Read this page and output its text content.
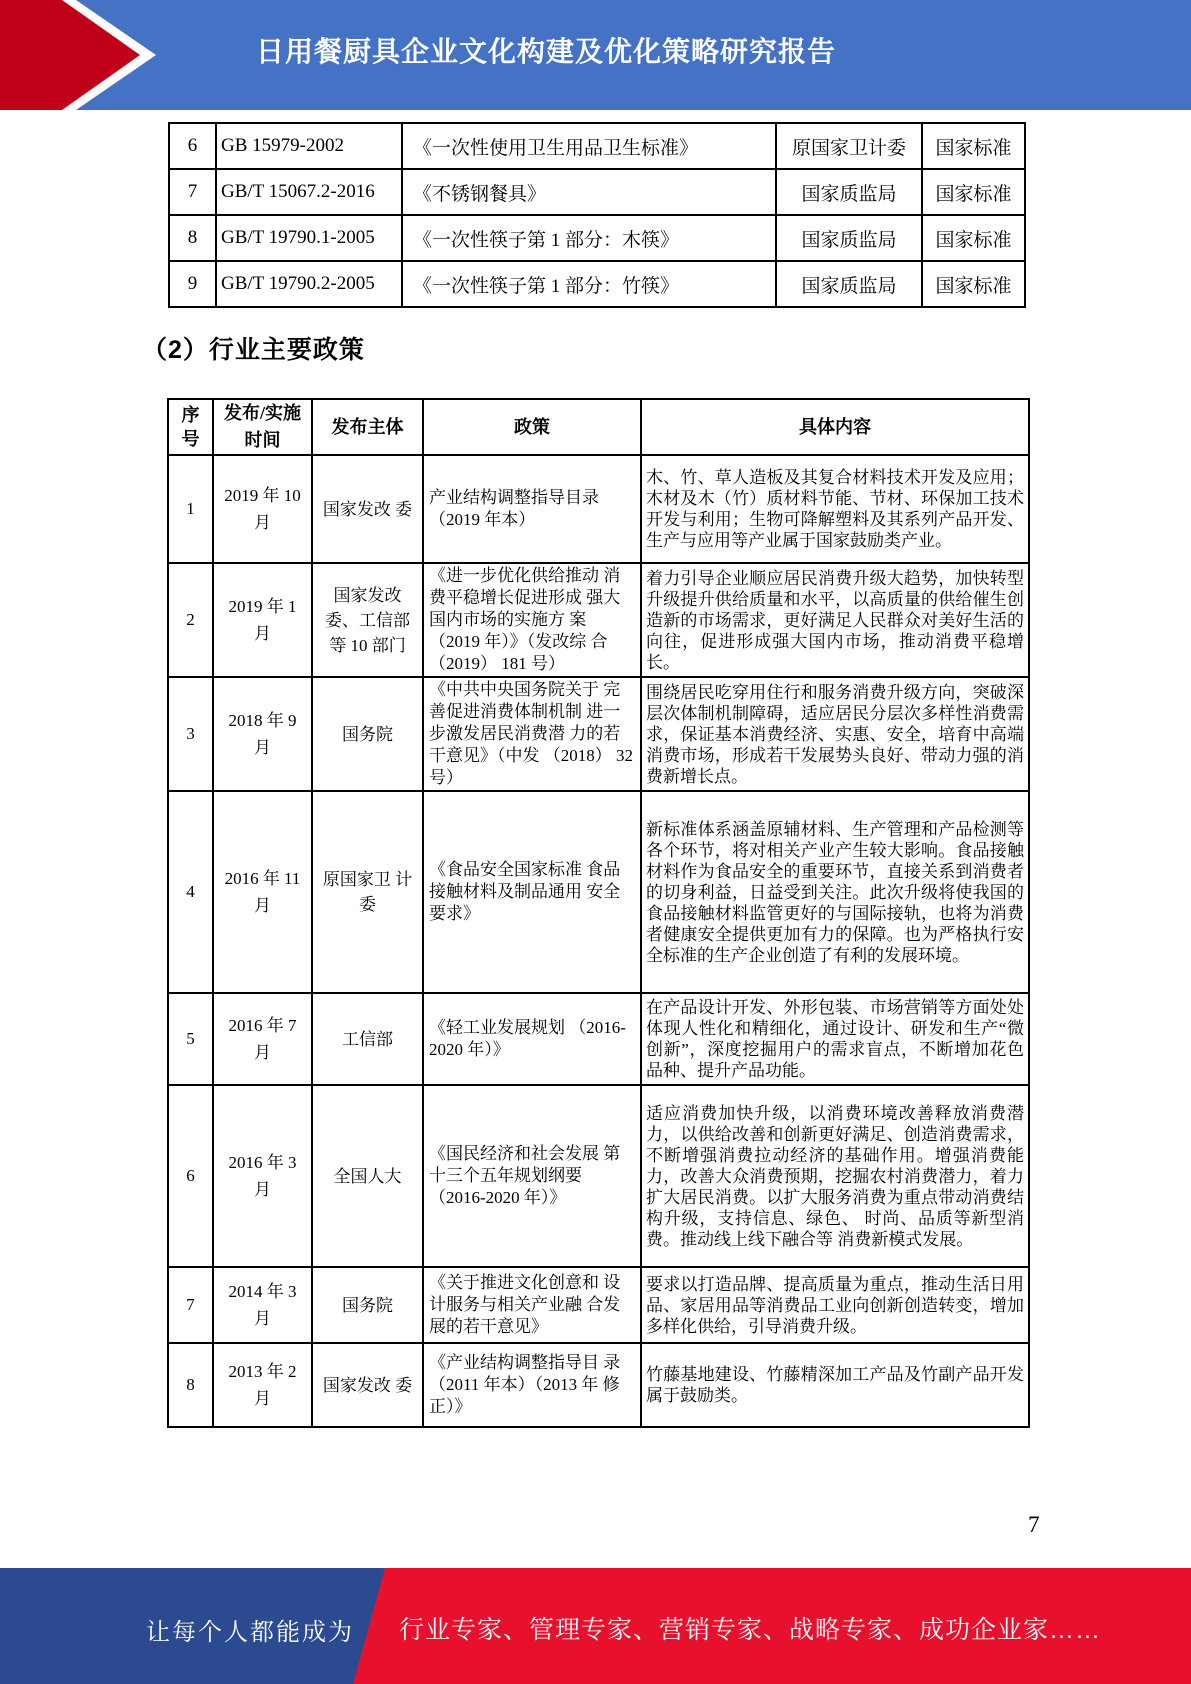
日用餐厨具企业文化构建及优化策略研究报告
6	GB 15979-2002	《一次性使用卫生用品卫生标准》	原国家卫计委	国家标准

7	GB/T 15067.2-2016	《不锈钢餐具》	国家质监局	国家标准

8	GB/T 19790.1-2005	《一次性筷子第 1 部分：木筷》	国家质监局	国家标准

9	GB/T 19790.2-2005	《一次性筷子第 1 部分：竹筷》	国家质监局	国家标准
（2）行业主要政策
序号	发布/实施时间	发布主体	政策	具体内容

1	2019 年 10 月	国家发改 委	产业结构调整指导目录 （2019 年本）	木、竹、草人造板及其复合材料技术开发及应用；木材及木（竹）质材料节能、节材、环保加工技术开发与利用；生物可降解塑料及其系列产品开发、生产与应用等产业属于国家鼓励类产业。

2	2019 年 1 月	国家发改 委、工信部 等 10 部门	《进一步优化供给推动 消费平稳增长促进形成 强大国内市场的实施方 案（2019 年）》（发改综 合（2019） 181 号）	着力引导企业顺应居民消费升级大趋势，加快转型升级提升供给质量和水平，以高质量的供给催生创造新的市场需求，更好满足人民群众对美好生活的向往，促进形成强大国内市场，推动消费平稳增长。

3	2018 年 9 月	国务院	《中共中央国务院关于 完善促进消费体制机制 进一步激发居民消费潜 力的若干意见》（中发 （2018） 32 号）	围绕居民吃穿用住行和服务消费升级方向，突破深层次体制机制障碍，适应居民分层次多样性消费需求，保证基本消费经济、实惠、安全，培育中高端消费市场，形成若干发展势头良好、带动力强的消费新增长点。

4	2016 年 11 月	原国家卫 计委	《食品安全国家标准 食品接触材料及制品通用 安全要求》	新标准体系涵盖原辅材料、生产管理和产品检测等各个环节，将对相关产业产生较大影响。食品接触材料作为食品安全的重要环节，直接关系到消费者的切身利益，日益受到关注。此次升级将使我国的食品接触材料监管更好的与国际接轨，也将为消费者健康安全提供更加有力的保障。也为严格执行安全标准的生产企业创造了有利的发展环境。

5	2016 年 7 月	工信部	《轻工业发展规划 （2016-2020 年）》	在产品设计开发、外形包装、市场营销等方面处处体现人性化和精细化，通过设计、研发和生产“微创新”，深度挖掘用户的需求盲点，不断增加花色品种、提升产品功能。

6	2016 年 3 月	全国人大	《国民经济和社会发展 第十三个五年规划纲要 （2016-2020 年）》	适应消费加快升级，以消费环境改善释放消费潜力，以供给改善和创新更好满足、创造消费需求，不断增强消费拉动经济的基础作用。增强消费能力，改善大众消费预期，挖掘农村消费潜力，着力扩大居民消费。以扩大服务消费为重点带动消费结构升级，支持信息、绿色、 时尚、品质等新型消费。推动线上线下融合等 消费新模式发展。

7	2014 年 3 月	国务院	《关于推进文化创意和 设计服务与相关产业融 合发展的若干意见》	要求以打造品牌、提高质量为重点，推动生活日用品、家居用品等消费品工业向创新创造转变，增加多样化供给，引导消费升级。

8	2013 年 2 月	国家发改 委	《产业结构调整指导目 录（2011 年本）（2013 年 修正）》	竹藤基地建设、竹藤精深加工产品及竹副产品开发属于鼓励类。
7
让每个人都能成为 行业专家、管理专家、营销专家、战略专家、成功企业家……
